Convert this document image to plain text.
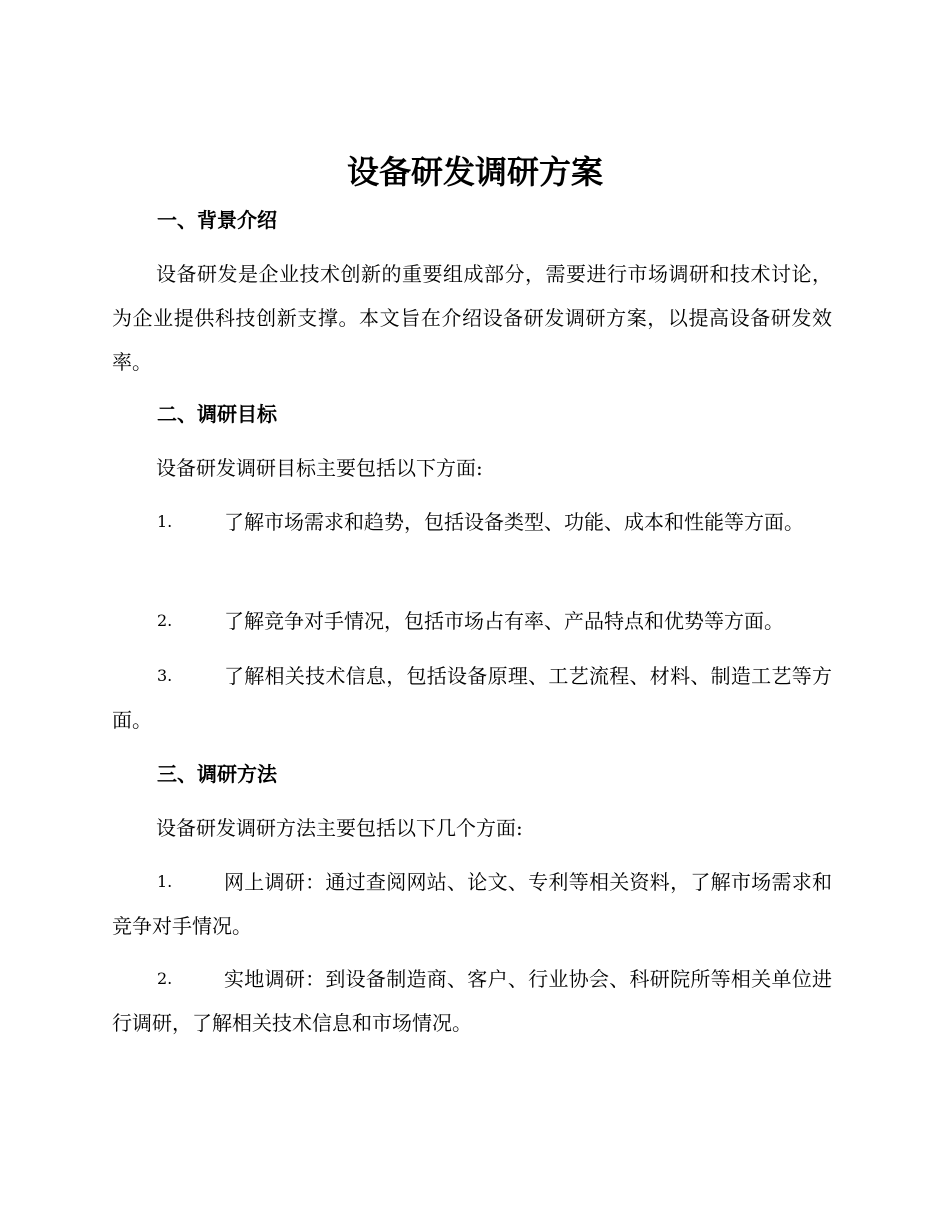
设备研发调研方案
一、背景介绍

设备研发是企业技术创新的重要组成部分，需要进行市场调研和技术讨论，为企业提供科技创新支撑。本文旨在介绍设备研发调研方案，以提高设备研发效率。

二、调研目标

设备研发调研目标主要包括以下方面:

1.	了解市场需求和趋势，包括设备类型、功能、成本和性能等方面。

2.	了解竞争对手情况，包括市场占有率、产品特点和优势等方面。

3.	了解相关技术信息，包括设备原理、工艺流程、材料、制造工艺等方面。

三、调研方法

设备研发调研方法主要包括以下几个方面:

1.	网上调研：通过查阅网站、论文、专利等相关资料，了解市场需求和竞争对手情况。

2.	实地调研：到设备制造商、客户、行业协会、科研院所等相关单位进行调研，了解相关技术信息和市场情况。
